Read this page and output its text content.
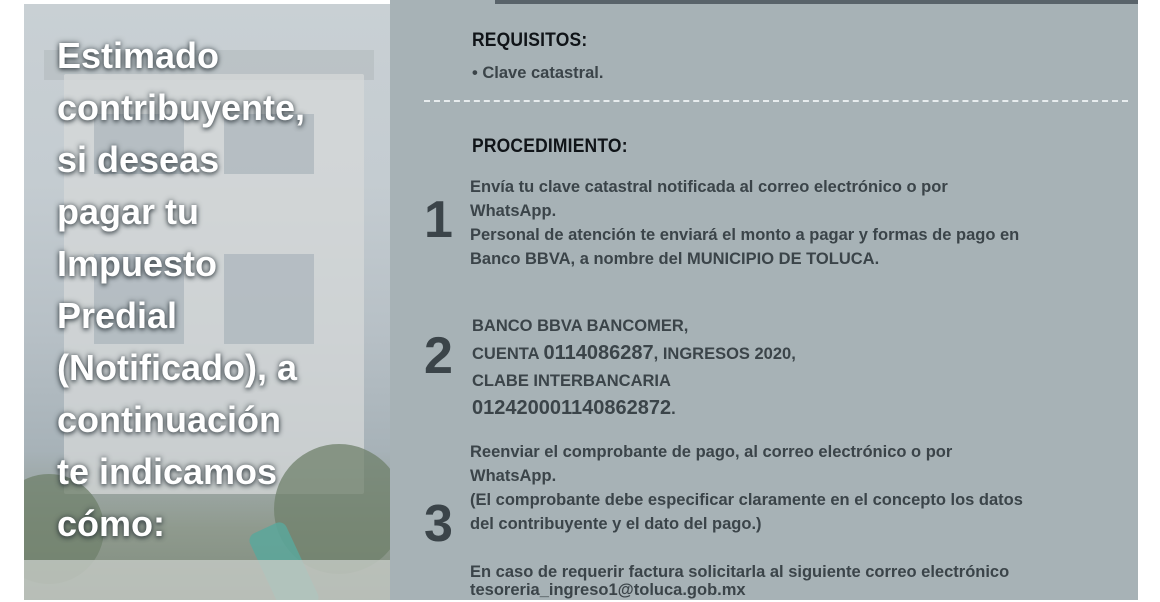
Estimado
contribuyente,
si deseas
pagar tu
Impuesto
Predial
(Notificado), a
continuación
te indicamos
cómo:
REQUISITOS:
• Clave catastral.
PROCEDIMIENTO:
1
Envía tu clave catastral notificada al correo electrónico o por
WhatsApp.
Personal de atención te enviará el monto a pagar y formas de pago en
Banco BBVA, a nombre del MUNICIPIO DE TOLUCA.
2
BANCO BBVA BANCOMER,
CUENTA 0114086287, INGRESOS 2020,
CLABE INTERBANCARIA
012420001140862872.
3
Reenviar el comprobante de pago, al correo electrónico o por
WhatsApp.
(El comprobante debe especificar claramente en el concepto los datos
del contribuyente y el dato del pago.)
En caso de requerir factura solicitarla al siguiente correo electrónico
tesoreria_ingreso1@toluca.gob.mx
